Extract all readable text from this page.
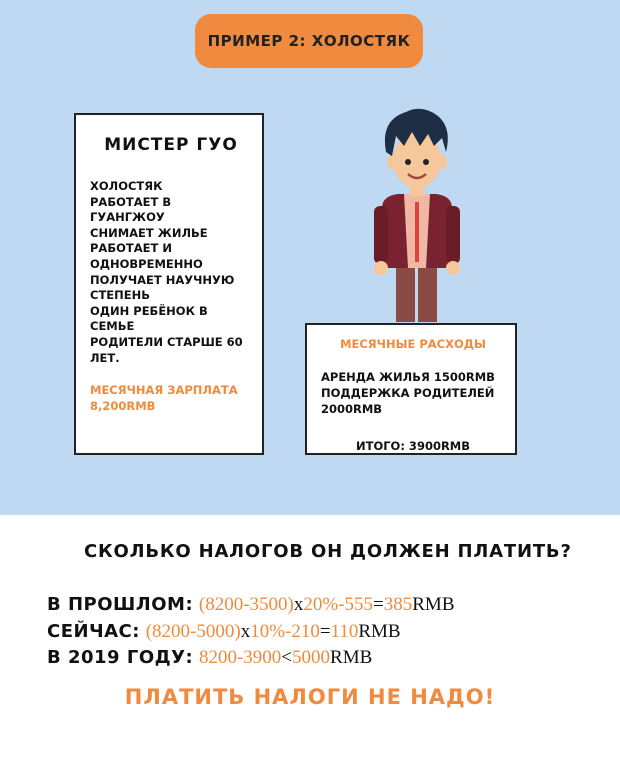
ПРИМЕР 2: ХОЛОСТЯК
МИСТЕР ГУО
ХОЛОСТЯК
РАБОТАЕТ В
ГУАНГЖОУ
СНИМАЕТ ЖИЛЬЕ
РАБОТАЕТ И
ОДНОВРЕМЕННО
ПОЛУЧАЕТ НАУЧНУЮ
СТЕПЕНЬ
ОДИН РЕБЁНОК В
СЕМЬЕ
РОДИТЕЛИ СТАРШЕ 60
ЛЕТ.
МЕСЯЧНАЯ ЗАРПЛАТА
8,200RMB
МЕСЯЧНЫЕ РАСХОДЫ
АРЕНДА ЖИЛЬЯ 1500RMB
ПОДДЕРЖКА РОДИТЕЛЕЙ
2000RMB
ИТОГО: 3900RMB
СКОЛЬКО НАЛОГОВ ОН ДОЛЖЕН ПЛАТИТЬ?
В ПРОШЛОМ: (8200-3500)x20%-555=385RMB
СЕЙЧАС: (8200-5000)x10%-210=110RMB
В 2019 ГОДУ: 8200-3900<5000RMB
ПЛАТИТЬ НАЛОГИ НЕ НАДО!
